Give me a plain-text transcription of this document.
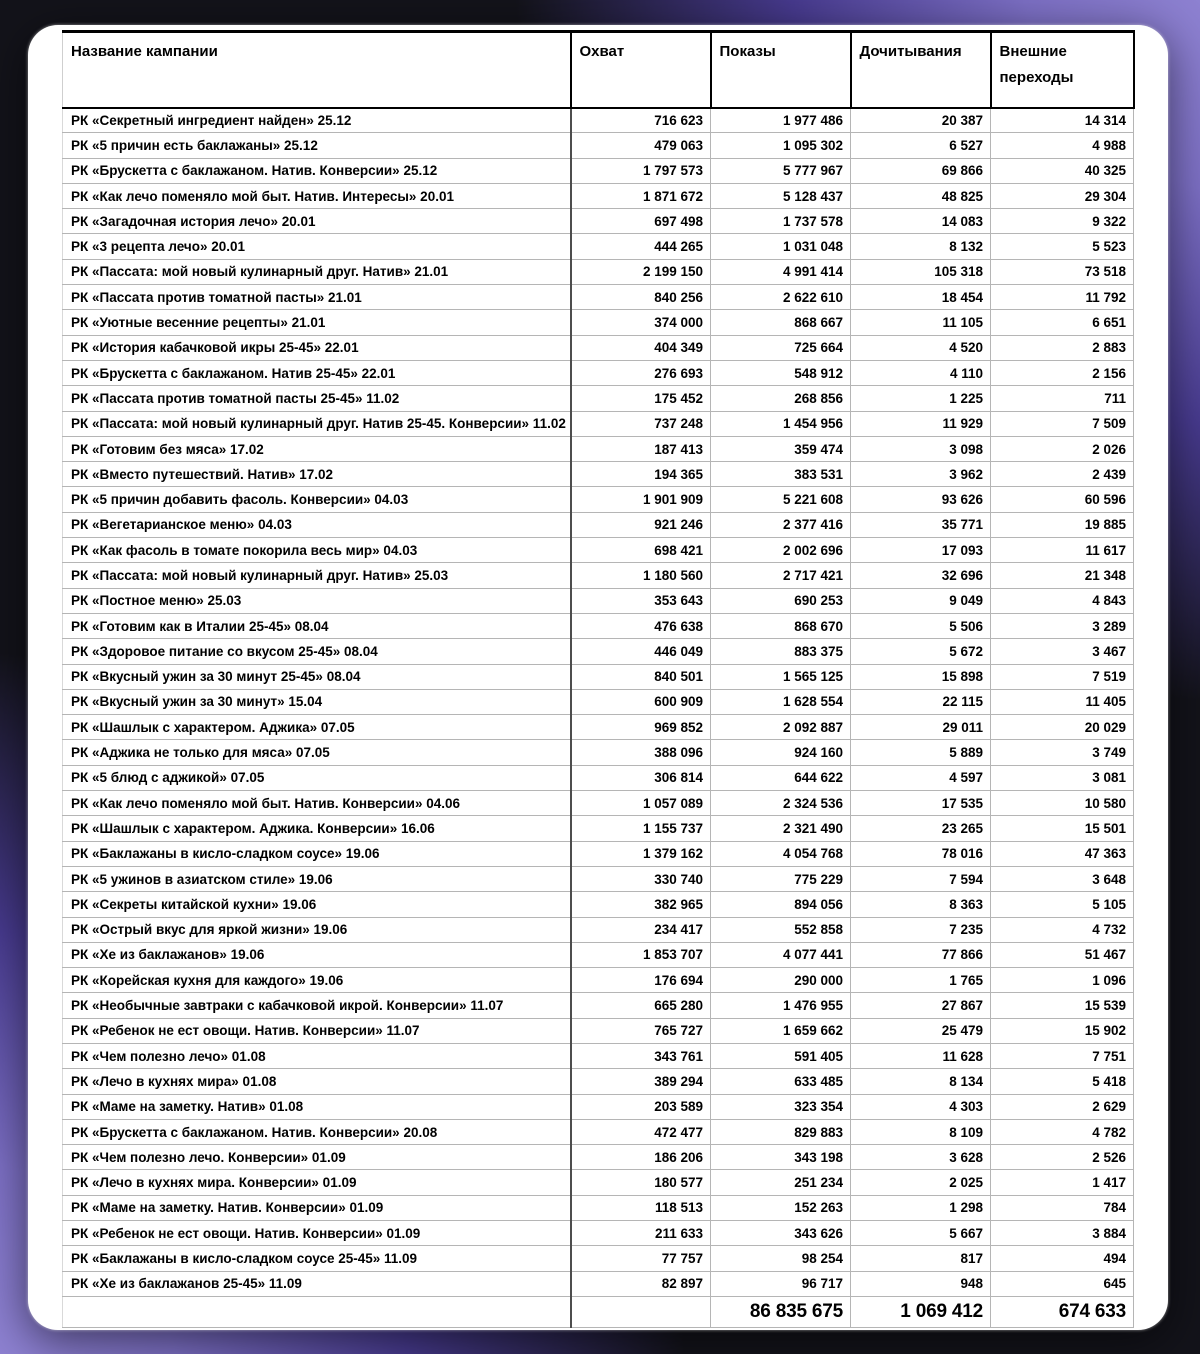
Название кампании	Охват	Показы	Дочитывания	Внешние переходы
РК «Секретный ингредиент найден» 25.12	716 623	1 977 486	20 387	14 314
РК «5 причин есть баклажаны» 25.12	479 063	1 095 302	6 527	4 988
РК «Брускетта с баклажаном. Натив. Конверсии» 25.12	1 797 573	5 777 967	69 866	40 325
РК «Как лечо поменяло мой быт. Натив. Интересы» 20.01	1 871 672	5 128 437	48 825	29 304
РК «Загадочная история лечо» 20.01	697 498	1 737 578	14 083	9 322
РК «3 рецепта лечо» 20.01	444 265	1 031 048	8 132	5 523
РК «Пассата: мой новый кулинарный друг. Натив» 21.01	2 199 150	4 991 414	105 318	73 518
РК «Пассата против томатной пасты» 21.01	840 256	2 622 610	18 454	11 792
РК «Уютные весенние рецепты» 21.01	374 000	868 667	11 105	6 651
РК «История кабачковой икры 25-45» 22.01	404 349	725 664	4 520	2 883
РК «Брускетта с баклажаном. Натив 25-45» 22.01	276 693	548 912	4 110	2 156
РК «Пассата против томатной пасты 25-45» 11.02	175 452	268 856	1 225	711
РК «Пассата: мой новый кулинарный друг. Натив 25-45. Конверсии» 11.02	737 248	1 454 956	11 929	7 509
РК «Готовим без мяса» 17.02	187 413	359 474	3 098	2 026
РК «Вместо путешествий. Натив» 17.02	194 365	383 531	3 962	2 439
РК «5 причин добавить фасоль. Конверсии» 04.03	1 901 909	5 221 608	93 626	60 596
РК «Вегетарианское меню» 04.03	921 246	2 377 416	35 771	19 885
РК «Как фасоль в томате покорила весь мир» 04.03	698 421	2 002 696	17 093	11 617
РК «Пассата: мой новый кулинарный друг. Натив» 25.03	1 180 560	2 717 421	32 696	21 348
РК «Постное меню» 25.03	353 643	690 253	9 049	4 843
РК «Готовим как в Италии 25-45» 08.04	476 638	868 670	5 506	3 289
РК «Здоровое питание со вкусом 25-45» 08.04	446 049	883 375	5 672	3 467
РК «Вкусный ужин за 30 минут 25-45» 08.04	840 501	1 565 125	15 898	7 519
РК «Вкусный ужин за 30 минут» 15.04	600 909	1 628 554	22 115	11 405
РК «Шашлык с характером. Аджика» 07.05	969 852	2 092 887	29 011	20 029
РК «Аджика не только для мяса» 07.05	388 096	924 160	5 889	3 749
РК «5 блюд с аджикой» 07.05	306 814	644 622	4 597	3 081
РК «Как лечо поменяло мой быт. Натив. Конверсии» 04.06	1 057 089	2 324 536	17 535	10 580
РК «Шашлык с характером. Аджика. Конверсии» 16.06	1 155 737	2 321 490	23 265	15 501
РК «Баклажаны в кисло-сладком соусе» 19.06	1 379 162	4 054 768	78 016	47 363
РК «5 ужинов в азиатском стиле» 19.06	330 740	775 229	7 594	3 648
РК «Секреты китайской кухни» 19.06	382 965	894 056	8 363	5 105
РК «Острый вкус для яркой жизни» 19.06	234 417	552 858	7 235	4 732
РК «Хе из баклажанов» 19.06	1 853 707	4 077 441	77 866	51 467
РК «Корейская кухня для каждого» 19.06	176 694	290 000	1 765	1 096
РК «Необычные завтраки с кабачковой икрой. Конверсии» 11.07	665 280	1 476 955	27 867	15 539
РК «Ребенок не ест овощи. Натив. Конверсии» 11.07	765 727	1 659 662	25 479	15 902
РК «Чем полезно лечо» 01.08	343 761	591 405	11 628	7 751
РК «Лечо в кухнях мира» 01.08	389 294	633 485	8 134	5 418
РК «Маме на заметку. Натив» 01.08	203 589	323 354	4 303	2 629
РК «Брускетта с баклажаном. Натив. Конверсии» 20.08	472 477	829 883	8 109	4 782
РК «Чем полезно лечо. Конверсии» 01.09	186 206	343 198	3 628	2 526
РК «Лечо в кухнях мира. Конверсии» 01.09	180 577	251 234	2 025	1 417
РК «Маме на заметку. Натив. Конверсии» 01.09	118 513	152 263	1 298	784
РК «Ребенок не ест овощи. Натив. Конверсии» 01.09	211 633	343 626	5 667	3 884
РК «Баклажаны в кисло-сладком соусе 25-45» 11.09	77 757	98 254	817	494
РК «Хе из баклажанов 25-45» 11.09	82 897	96 717	948	645
		86 835 675	1 069 412	674 633
